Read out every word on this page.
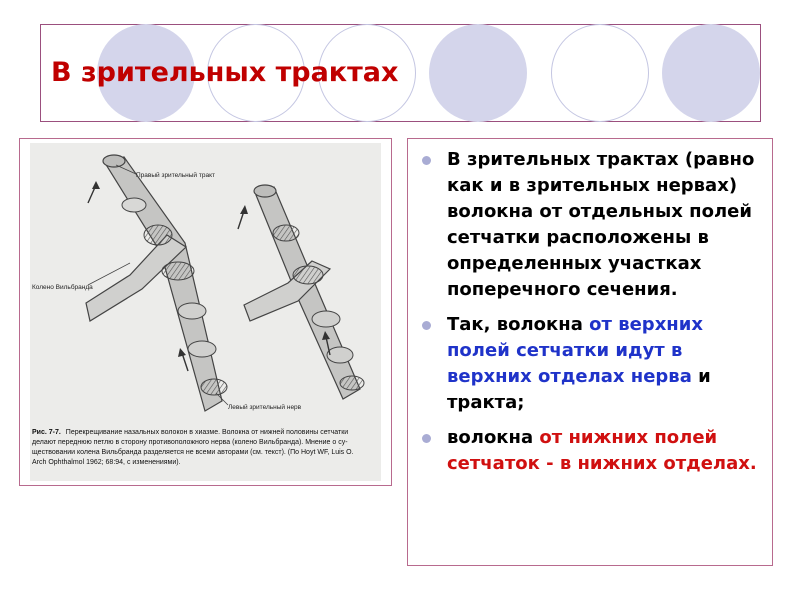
В зрительных трактах
Правый зрительный тракт
Колено Вильбранда
Левый зрительный нерв
Рис. 7-7. Перекрещивание назальных волокон в хиазме. Волокна от нижней половины сетчатки делают переднюю петлю в сторону противоположного нерва (колено Вильбранда). Мнение о су- ществовании колена Вильбранда разделяется не всеми авторами (см. текст). (По Hoyt WF, Luis O. Arch Ophthalmol 1962; 68:94, с изменениями).
В зрительных трактах (равно как и в зрительных нервах) волокна от отдельных полей сетчатки расположены в определенных участках поперечного сечения.
Так, волокна от верхних полей сетчатки идут в верхних отделах нерва и тракта;
волокна от нижних полей сетчаток - в нижних отделах.
